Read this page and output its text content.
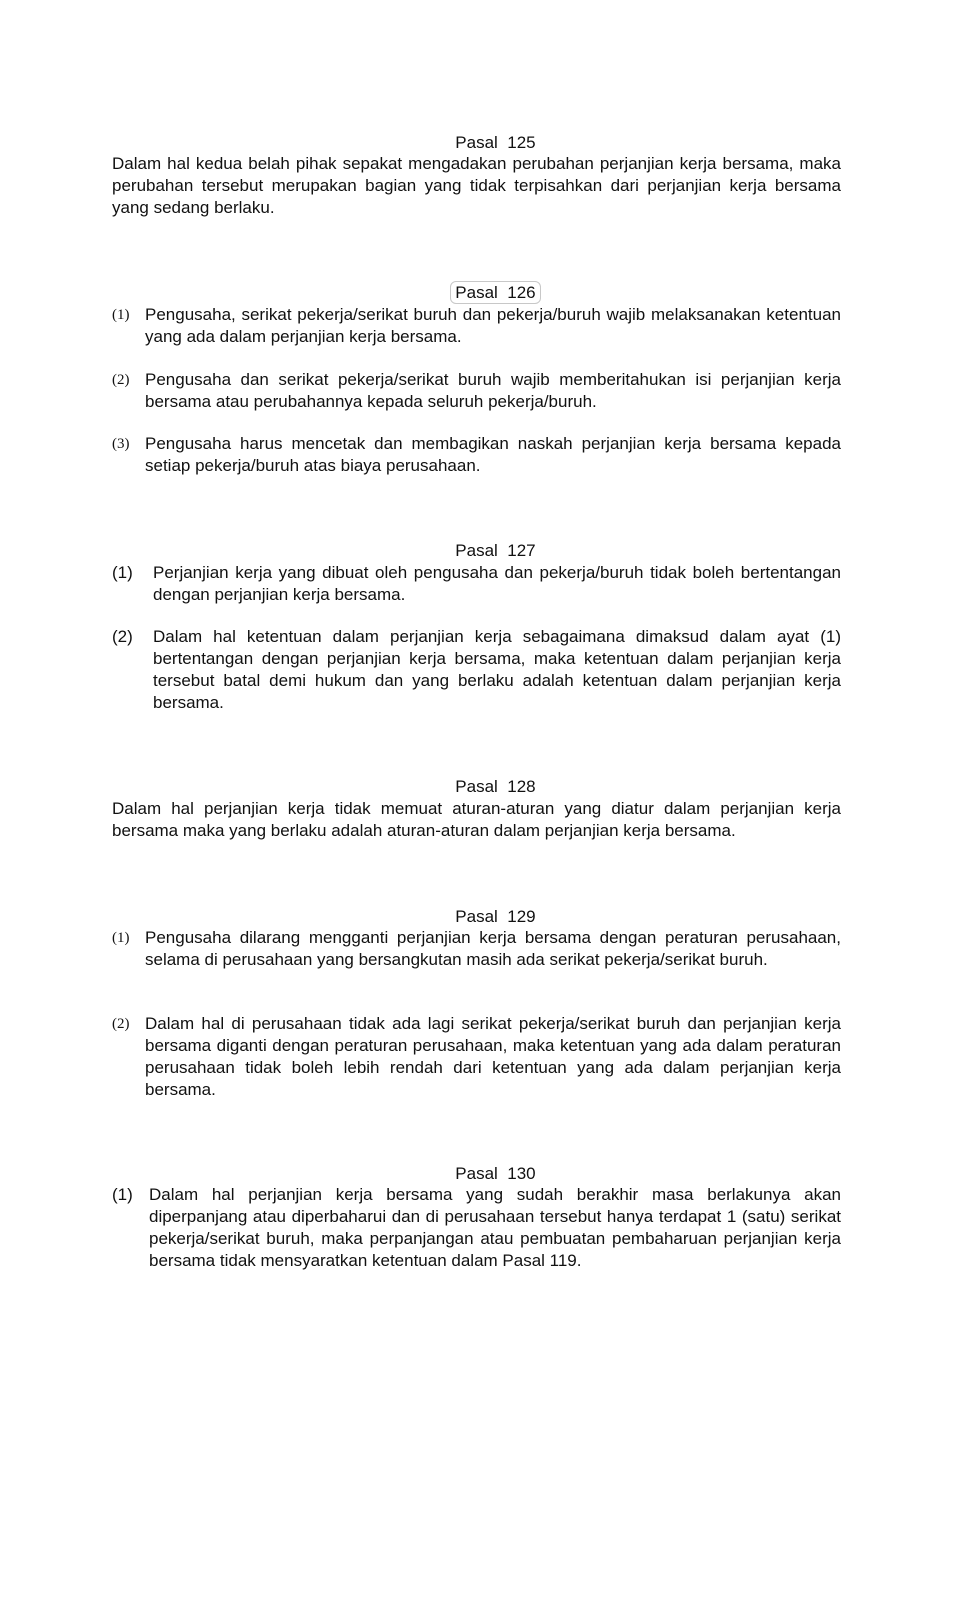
Pasal  125

Dalam hal kedua belah pihak sepakat mengadakan perubahan perjanjian kerja bersama, maka perubahan tersebut merupakan bagian yang tidak terpisahkan dari perjanjian kerja bersama yang sedang berlaku.

Pasal  126

(1) Pengusaha, serikat pekerja/serikat buruh dan pekerja/buruh wajib melaksanakan ketentuan yang ada dalam perjanjian kerja bersama.

(2) Pengusaha dan serikat pekerja/serikat buruh wajib memberitahukan isi perjanjian kerja bersama atau perubahannya kepada seluruh pekerja/buruh.

(3) Pengusaha harus mencetak dan membagikan naskah perjanjian kerja bersama kepada setiap pekerja/buruh atas biaya perusahaan.

Pasal  127

(1) Perjanjian kerja yang dibuat oleh pengusaha dan pekerja/buruh tidak boleh bertentangan dengan perjanjian kerja bersama.

(2) Dalam hal ketentuan dalam perjanjian kerja sebagaimana dimaksud dalam ayat (1) bertentangan dengan perjanjian kerja bersama, maka ketentuan dalam perjanjian kerja tersebut batal demi hukum dan yang berlaku adalah ketentuan dalam perjanjian kerja bersama.

Pasal  128

Dalam hal perjanjian kerja tidak memuat aturan-aturan yang diatur dalam perjanjian kerja bersama maka yang berlaku adalah aturan-aturan dalam perjanjian kerja bersama.

Pasal  129

(1) Pengusaha dilarang mengganti perjanjian kerja bersama dengan peraturan perusahaan, selama di perusahaan yang bersangkutan masih ada serikat pekerja/serikat buruh.

(2) Dalam hal di perusahaan tidak ada lagi serikat pekerja/serikat buruh dan perjanjian kerja bersama diganti dengan peraturan perusahaan, maka ketentuan yang ada dalam peraturan perusahaan tidak boleh lebih rendah dari ketentuan yang ada dalam perjanjian kerja bersama.

Pasal  130

(1) Dalam hal perjanjian kerja bersama yang sudah berakhir masa berlakunya akan diperpanjang atau diperbaharui dan di perusahaan tersebut hanya terdapat 1 (satu) serikat pekerja/serikat buruh, maka perpanjangan atau pembuatan pembaharuan perjanjian kerja bersama tidak mensyaratkan ketentuan dalam Pasal 119.
